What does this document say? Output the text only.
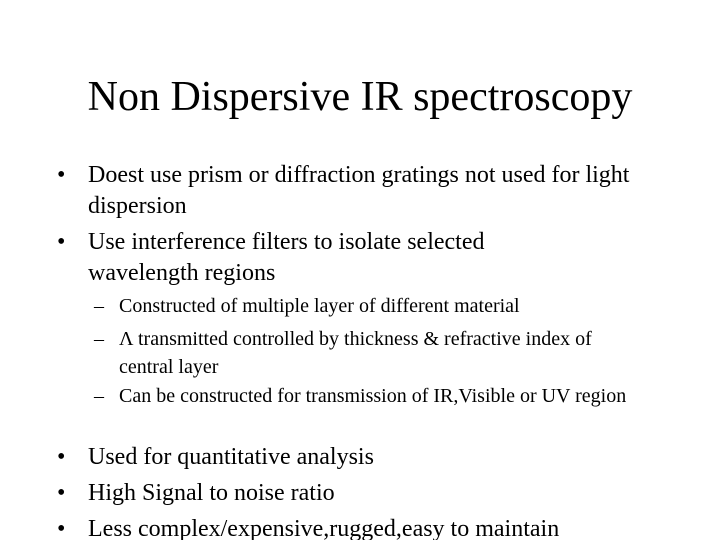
Non Dispersive IR spectroscopy
• Doest use prism or diffraction gratings not used for light dispersion
• Use interference filters to isolate selected wavelength regions
– Constructed of multiple layer of different material
– Λ transmitted controlled by thickness & refractive index of central layer
– Can be constructed for transmission of IR,Visible or UV region
• Used for quantitative analysis
• High Signal to noise ratio
• Less complex/expensive,rugged,easy to maintain
